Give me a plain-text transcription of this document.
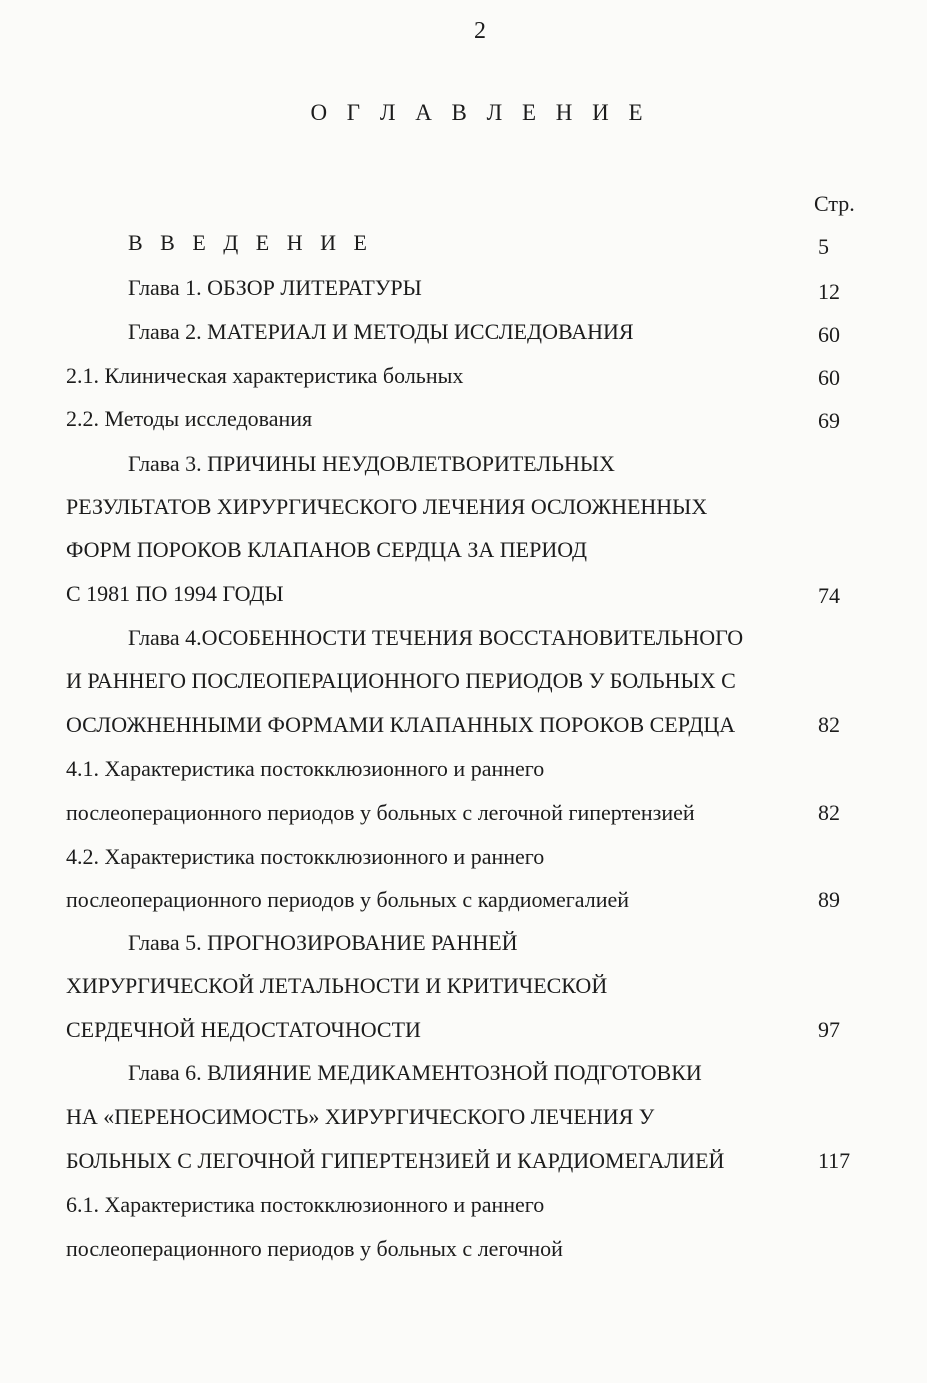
2
О Г Л А В Л Е Н И Е
Стр.
В В Е Д Е Н И Е	5
Глава 1. ОБЗОР ЛИТЕРАТУРЫ	12
Глава 2. МАТЕРИАЛ И МЕТОДЫ ИССЛЕДОВАНИЯ	60
2.1. Клиническая характеристика больных	60
2.2. Методы исследования	69
Глава 3. ПРИЧИНЫ НЕУДОВЛЕТВОРИТЕЛЬНЫХ
РЕЗУЛЬТАТОВ ХИРУРГИЧЕСКОГО ЛЕЧЕНИЯ ОСЛОЖНЕННЫХ
ФОРМ ПОРОКОВ КЛАПАНОВ СЕРДЦА ЗА ПЕРИОД
С 1981 ПО 1994 ГОДЫ	74
Глава 4.ОСОБЕННОСТИ ТЕЧЕНИЯ ВОССТАНОВИТЕЛЬНОГО
И РАННЕГО ПОСЛЕОПЕРАЦИОННОГО ПЕРИОДОВ У БОЛЬНЫХ С
ОСЛОЖНЕННЫМИ ФОРМАМИ КЛАПАННЫХ ПОРОКОВ СЕРДЦА	82
4.1. Характеристика постокклюзионного и раннего
послеоперационного периодов у больных с легочной гипертензией	82
4.2. Характеристика постокклюзионного и раннего
послеоперационного периодов у больных с кардиомегалией	89
Глава 5. ПРОГНОЗИРОВАНИЕ РАННЕЙ
ХИРУРГИЧЕСКОЙ ЛЕТАЛЬНОСТИ И КРИТИЧЕСКОЙ
СЕРДЕЧНОЙ НЕДОСТАТОЧНОСТИ	97
Глава 6. ВЛИЯНИЕ МЕДИКАМЕНТОЗНОЙ ПОДГОТОВКИ
НА «ПЕРЕНОСИМОСТЬ» ХИРУРГИЧЕСКОГО ЛЕЧЕНИЯ У
БОЛЬНЫХ С ЛЕГОЧНОЙ ГИПЕРТЕНЗИЕЙ И КАРДИОМЕГАЛИЕЙ	117
6.1. Характеристика постокклюзионного и раннего
послеоперационного периодов у больных с легочной
